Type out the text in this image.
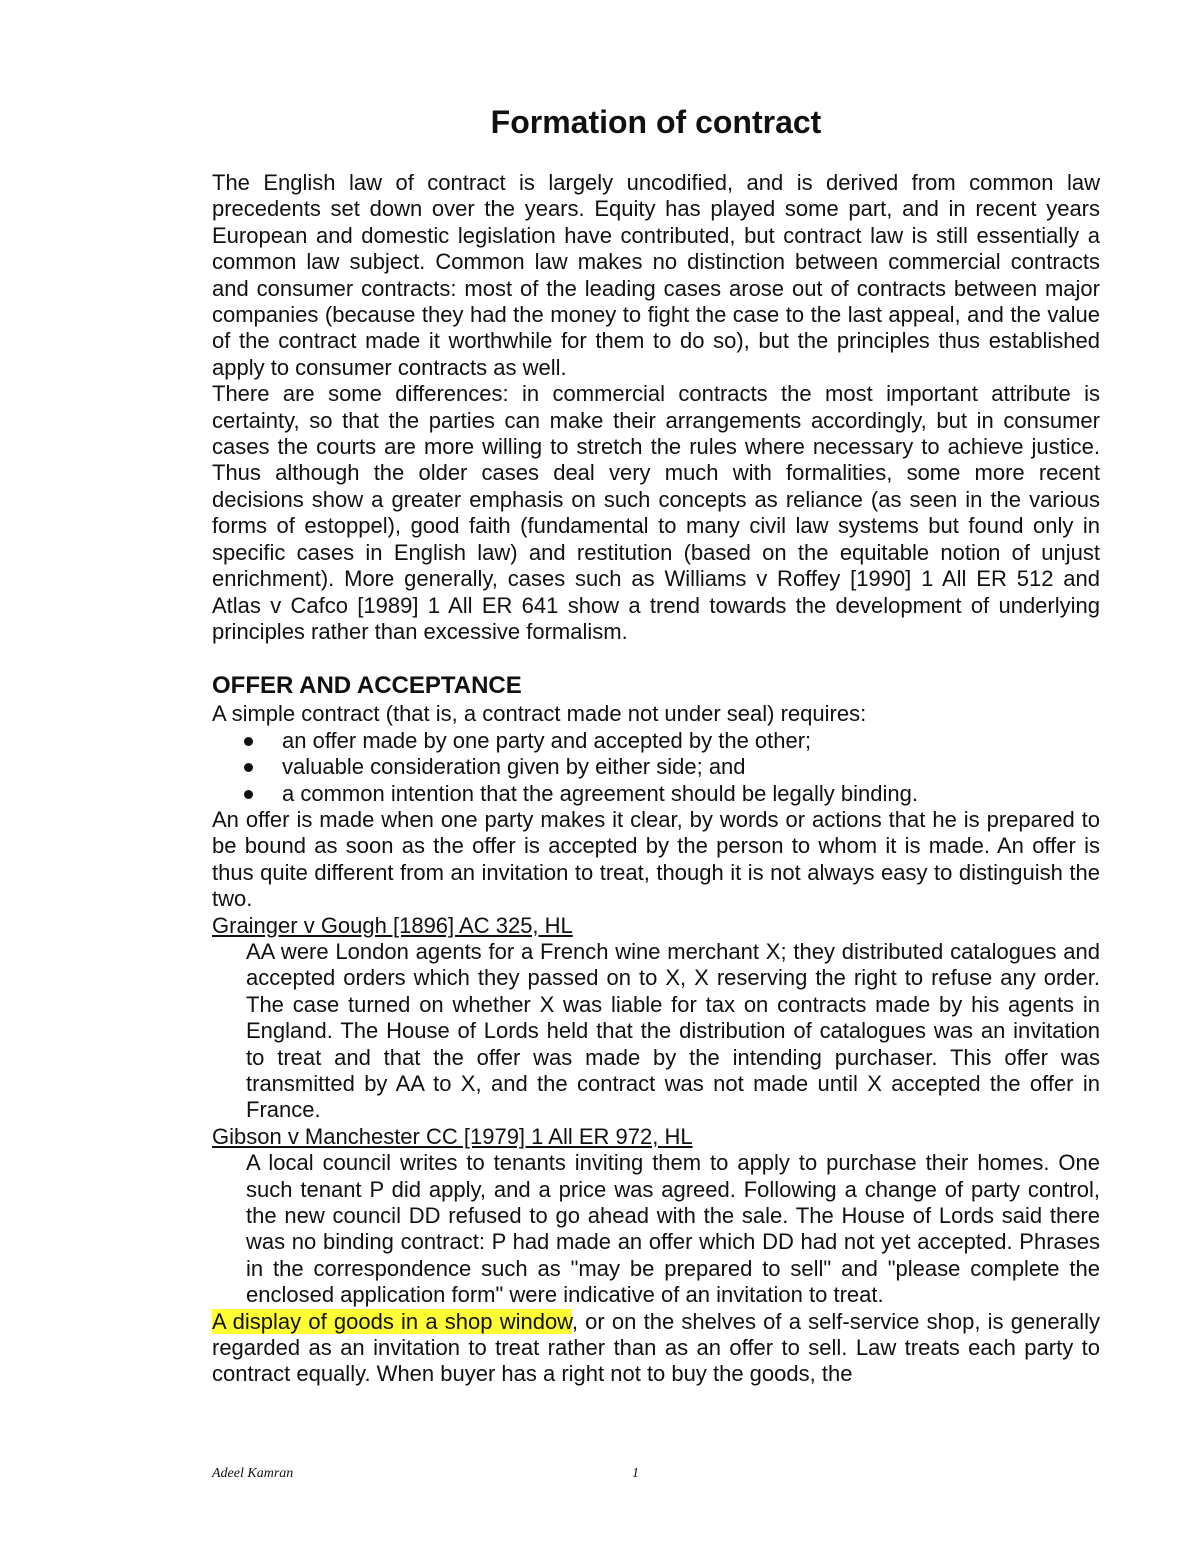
Formation of contract

The English law of contract is largely uncodified, and is derived from common law precedents set down over the years. Equity has played some part, and in recent years European and domestic legislation have contributed, but contract law is still essentially a common law subject. Common law makes no distinction between commercial contracts and consumer contracts: most of the leading cases arose out of contracts between major companies (because they had the money to fight the case to the last appeal, and the value of the contract made it worthwhile for them to do so), but the principles thus established apply to consumer contracts as well.

There are some differences: in commercial contracts the most important attribute is certainty, so that the parties can make their arrangements accordingly, but in consumer cases the courts are more willing to stretch the rules where necessary to achieve justice. Thus although the older cases deal very much with formalities, some more recent decisions show a greater emphasis on such concepts as reliance (as seen in the various forms of estoppel), good faith (fundamental to many civil law systems but found only in specific cases in English law) and restitution (based on the equitable notion of unjust enrichment). More generally, cases such as Williams v Roffey [1990] 1 All ER 512 and Atlas v Cafco [1989] 1 All ER 641 show a trend towards the development of underlying principles rather than excessive formalism.

OFFER AND ACCEPTANCE

A simple contract (that is, a contract made not under seal) requires:

an offer made by one party and accepted by the other;
valuable consideration given by either side; and
a common intention that the agreement should be legally binding.

An offer is made when one party makes it clear, by words or actions that he is prepared to be bound as soon as the offer is accepted by the person to whom it is made. An offer is thus quite different from an invitation to treat, though it is not always easy to distinguish the two.

Grainger v Gough [1896] AC 325, HL

AA were London agents for a French wine merchant X; they distributed catalogues and accepted orders which they passed on to X, X reserving the right to refuse any order. The case turned on whether X was liable for tax on contracts made by his agents in England. The House of Lords held that the distribution of catalogues was an invitation to treat and that the offer was made by the intending purchaser. This offer was transmitted by AA to X, and the contract was not made until X accepted the offer in France.

Gibson v Manchester CC [1979] 1 All ER 972, HL

A local council writes to tenants inviting them to apply to purchase their homes. One such tenant P did apply, and a price was agreed. Following a change of party control, the new council DD refused to go ahead with the sale. The House of Lords said there was no binding contract: P had made an offer which DD had not yet accepted. Phrases in the correspondence such as "may be prepared to sell" and "please complete the enclosed application form" were indicative of an invitation to treat.

A display of goods in a shop window, or on the shelves of a self-service shop, is generally regarded as an invitation to treat rather than as an offer to sell. Law treats each party to contract equally. When buyer has a right not to buy the goods, the

Adeel Kamran	1
